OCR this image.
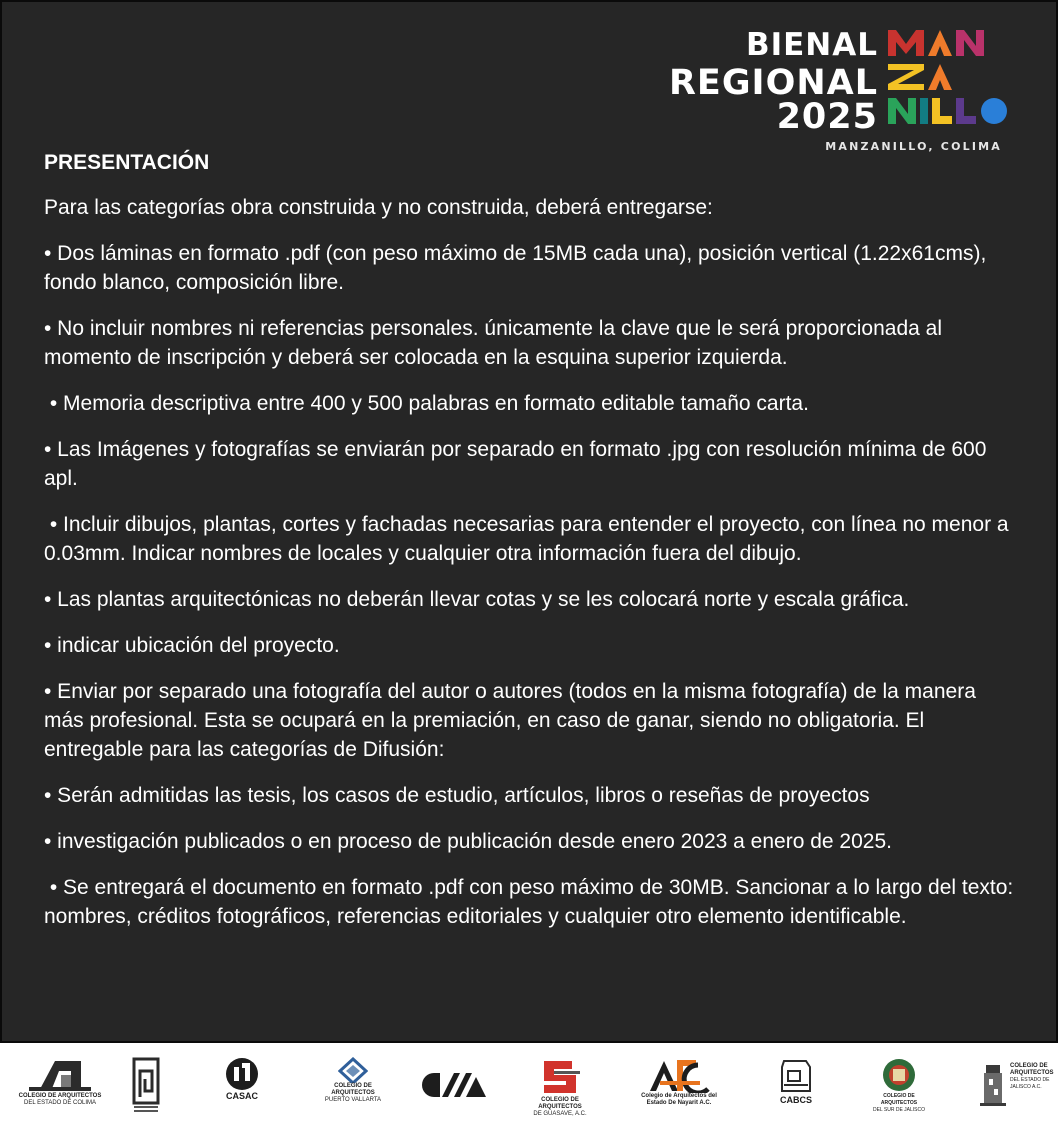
BIENAL
REGIONAL
2025
MANZANILLO, COLIMA
PRESENTACIÓN
Para las categorías obra construida y no construida, deberá entregarse:
• Dos láminas en formato .pdf (con peso máximo de 15MB cada una), posición vertical (1.22x61cms), fondo blanco, composición libre.
• No incluir nombres ni referencias personales. únicamente la clave que le será proporcionada al momento de inscripción y deberá ser colocada en la esquina superior izquierda.
• Memoria descriptiva entre 400 y 500 palabras en formato editable tamaño carta.
• Las Imágenes y fotografías se enviarán por separado en formato .jpg con resolución mínima de 600 apl.
• Incluir dibujos, plantas, cortes y fachadas necesarias para entender el proyecto, con línea no menor a 0.03mm. Indicar nombres de locales y cualquier otra información fuera del dibujo.
• Las plantas arquitectónicas no deberán llevar cotas y se les colocará norte y escala gráfica.
• indicar ubicación del proyecto.
• Enviar por separado una fotografía del autor o autores (todos en la misma fotografía) de la manera más profesional. Esta se ocupará en la premiación, en caso de ganar, siendo no obligatoria. El entregable para las categorías de Difusión:
• Serán admitidas las tesis, los casos de estudio, artículos, libros o reseñas de proyectos
• investigación publicados o en proceso de publicación desde enero 2023 a enero de 2025.
• Se entregará el documento en formato .pdf con peso máximo de 30MB. Sancionar a lo largo del texto: nombres, créditos fotográficos, referencias editoriales y cualquier otro elemento identificable.
COLEGIO DE ARQUITECTOS
DEL ESTADO DE COLIMA
CASAC
COLEGIO DE ARQUITECTOS
PUERTO VALLARTA	COLEGIO DE ARQUITECTOS
DE GUASAVE, A.C.
Colegio de Arquitectos del
Estado De Nayarit A.C.	CABCS	COLEGIO DE ARQUITECTOS
DEL SUR DE JALISCO
COLEGIO DE ARQUITECTOS
DEL ESTADO DE JALISCO A.C.
